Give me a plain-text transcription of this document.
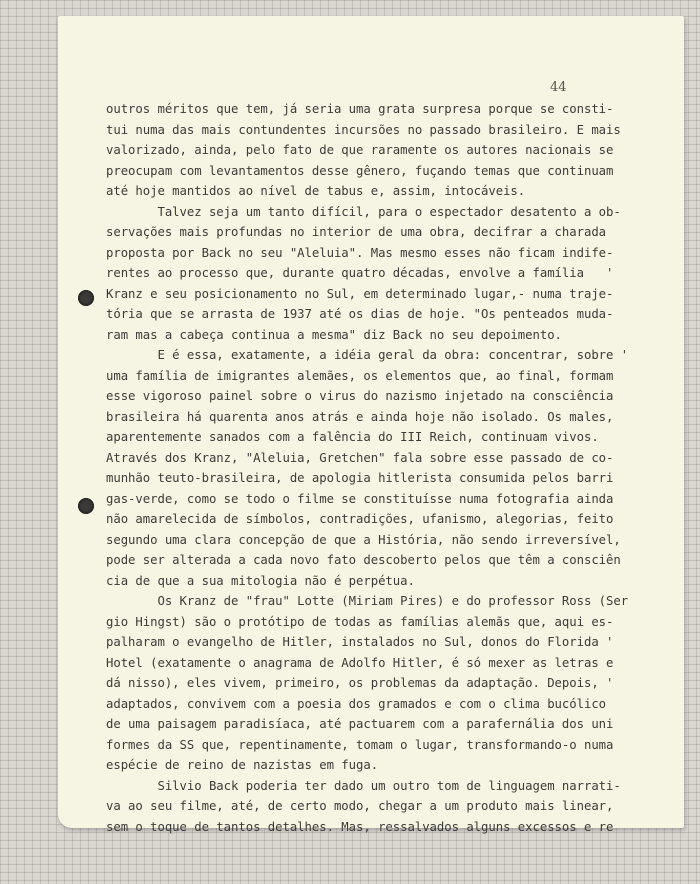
44
outros méritos que tem, já seria uma grata surpresa porque se consti-
tui numa das mais contundentes incursões no passado brasileiro. E mais
valorizado, ainda, pelo fato de que raramente os autores nacionais se
preocupam com levantamentos desse gênero, fuçando temas que continuam
até hoje mantidos ao nível de tabus e, assim, intocáveis.
Talvez seja um tanto difícil, para o espectador desatento a ob-
servações mais profundas no interior de uma obra, decifrar a charada
proposta por Back no seu "Aleluia". Mas mesmo esses não ficam indife-
rentes ao processo que, durante quatro décadas, envolve a família   '
Kranz e seu posicionamento no Sul, em determinado lugar,- numa traje-
tória que se arrasta de 1937 até os dias de hoje. "Os penteados muda-
ram mas a cabeça continua a mesma" diz Back no seu depoimento.
E é essa, exatamente, a idéia geral da obra: concentrar, sobre '
uma família de imigrantes alemães, os elementos que, ao final, formam
esse vigoroso painel sobre o virus do nazismo injetado na consciência
brasileira há quarenta anos atrás e ainda hoje não isolado. Os males,
aparentemente sanados com a falência do III Reich, continuam vivos.
Através dos Kranz, "Aleluia, Gretchen" fala sobre esse passado de co-
munhão teuto-brasileira, de apologia hitlerista consumida pelos barri
gas-verde, como se todo o filme se constituísse numa fotografia ainda
não amarelecida de símbolos, contradições, ufanismo, alegorias, feito
segundo uma clara concepção de que a História, não sendo irreversível,
pode ser alterada a cada novo fato descoberto pelos que têm a consciên
cia de que a sua mitologia não é perpétua.
Os Kranz de "frau" Lotte (Miriam Pires) e do professor Ross (Ser
gio Hingst) são o protótipo de todas as famílias alemãs que, aqui es-
palharam o evangelho de Hitler, instalados no Sul, donos do Florida '
Hotel (exatamente o anagrama de Adolfo Hitler, é só mexer as letras e
dá nisso), eles vivem, primeiro, os problemas da adaptação. Depois, '
adaptados, convivem com a poesia dos gramados e com o clima bucólico
de uma paisagem paradisíaca, até pactuarem com a parafernália dos uni
formes da SS que, repentinamente, tomam o lugar, transformando-o numa
espécie de reino de nazistas em fuga.
Silvio Back poderia ter dado um outro tom de linguagem narrati-
va ao seu filme, até, de certo modo, chegar a um produto mais linear,
sem o toque de tantos detalhes. Mas, ressalvados alguns excessos e re
